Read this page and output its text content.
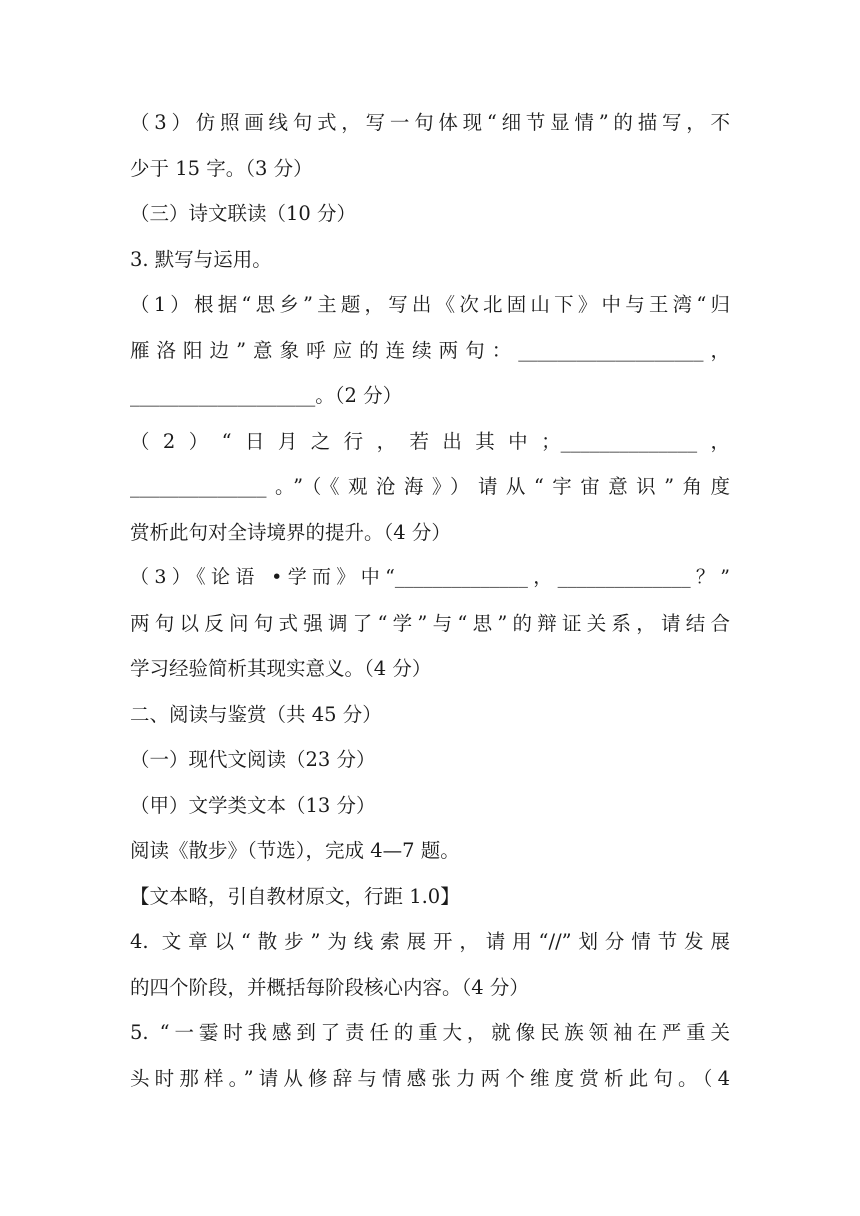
（3）仿照画线句式，写一句体现“细节显情”的描写，不
少于 15 字。（3 分）
（三）诗文联读（10 分）
3. 默写与运用。
（1）根据“思乡”主题，写出《次北固山下》中与王湾“归
雁洛阳边”意象呼应的连续两句：___________________，
___________________。（2 分）
（2）“日月之行，若出其中；______________，
______________。”（《观沧海》）请从“宇宙意识”角度
赏析此句对全诗境界的提升。（4 分）
（3）《论语 •学而》中“______________，______________？”
两句以反问句式强调了“学”与“思”的辩证关系，请结合
学习经验简析其现实意义。（4 分）
二、阅读与鉴赏（共 45 分）
（一）现代文阅读（23 分）
（甲）文学类文本（13 分）
阅读《散步》（节选），完成 4—7 题。
【文本略，引自教材原文，行距 1.0】
4. 文章以“散步”为线索展开，请用“//”划分情节发展
的四个阶段，并概括每阶段核心内容。（4 分）
5. “一霎时我感到了责任的重大，就像民族领袖在严重关
头时那样。”请从修辞与情感张力两个维度赏析此句。（4
